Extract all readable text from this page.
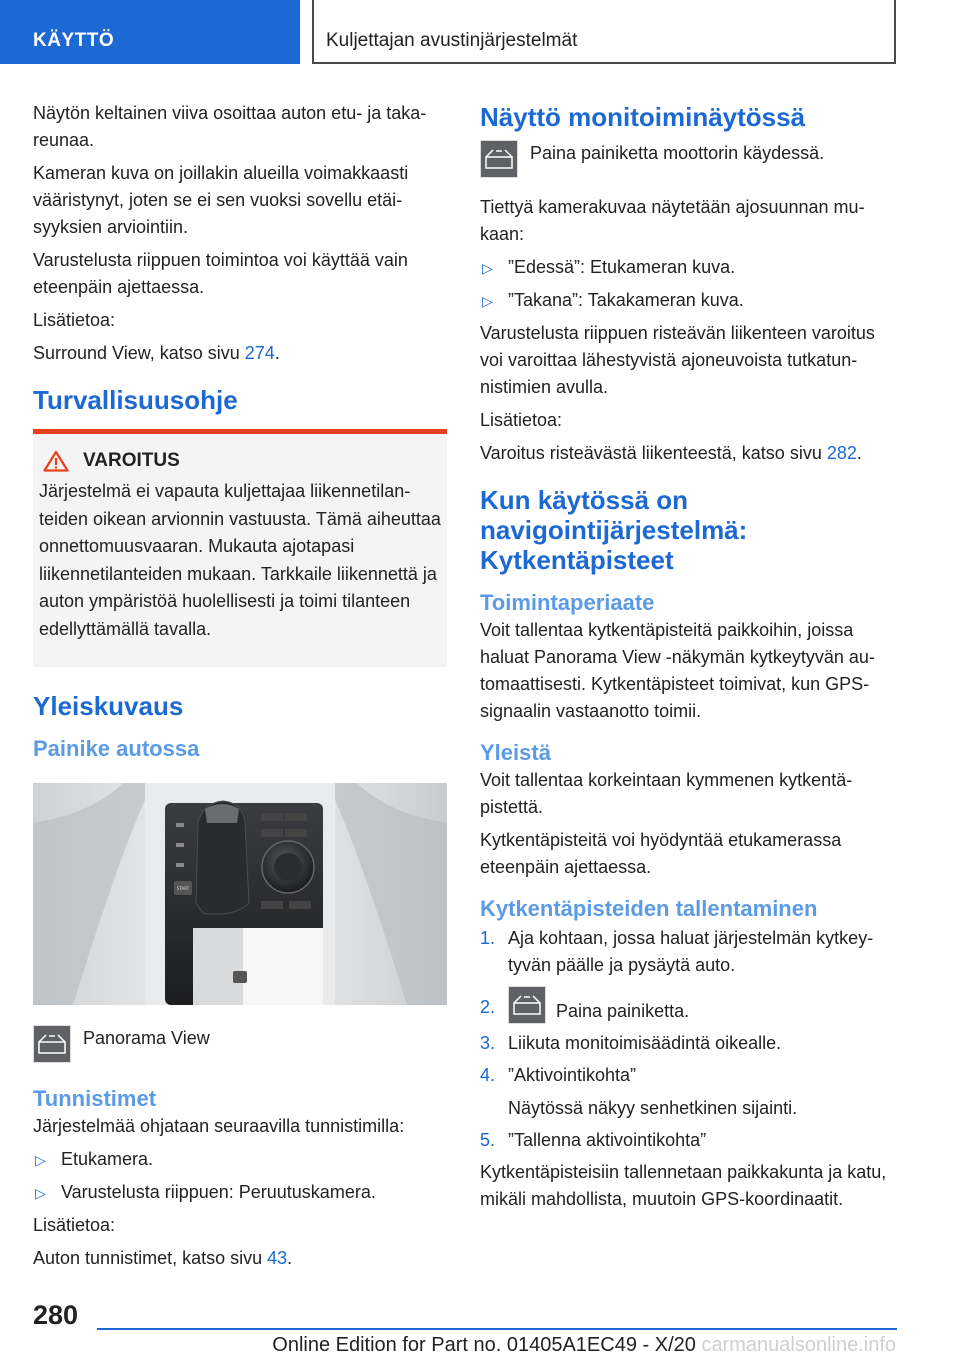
KÄYTTÖ	Kuljettajan avustinjärjestelmät

Näytön keltainen viiva osoittaa auton etu- ja takareunaa.

Kameran kuva on joillakin alueilla voimakkaasti vääristynyt, joten se ei sen vuoksi sovellu etäisyyksien arviointiin.

Varustelusta riippuen toimintoa voi käyttää vain eteenpäin ajettaessa.

Lisätietoa:

Surround View, katso sivu 274.

Turvallisuusohje
VAROITUS

Järjestelmä ei vapauta kuljettajaa liikennetilanteiden oikean arvionnin vastuusta. Tämä aiheuttaa onnettomuusvaaran. Mukauta ajotapasi liikennetilanteiden mukaan. Tarkkaile liikennettä ja auton ympäristöä huolellisesti ja toimi tilanteen edellyttämällä tavalla.

Yleiskuvaus
Painike autossa
START

Panorama View

Tunnistimet

Järjestelmää ohjataan seuraavilla tunnistimilla:

▷ Etukamera.
▷ Varustelusta riippuen: Peruutuskamera.

Lisätietoa:

Auton tunnistimet, katso sivu 43.

Näyttö monitoiminäytössä

Paina painiketta moottorin käydessä.

Tiettyä kamerakuvaa näytetään ajosuunnan mukaan:

▷ ”Edessä”: Etukameran kuva.
▷ ”Takana”: Takakameran kuva.

Varustelusta riippuen risteävän liikenteen varoitus voi varoittaa lähestyvistä ajoneuvoista tutkatunnistimien avulla.

Lisätietoa:

Varoitus risteävästä liikenteestä, katso sivu 282.

Kun käytössä on navigointijärjestelmä: Kytkentäpisteet
Toimintaperiaate

Voit tallentaa kytkentäpisteitä paikkoihin, joissa haluat Panorama View -näkymän kytkeytyvän automaattisesti. Kytkentäpisteet toimivat, kun GPS-signaalin vastaanotto toimii.

Yleistä

Voit tallentaa korkeintaan kymmenen kytkentäpistettä.

Kytkentäpisteitä voi hyödyntää etukamerassa eteenpäin ajettaessa.

Kytkentäpisteiden tallentaminen
1. Aja kohtaan, jossa haluat järjestelmän kytkeytyvän päälle ja pysäytä auto.
2.	Paina painiketta.
3. Liikuta monitoimisäädintä oikealle.
4. ”Aktivointikohta”
Näytössä näkyy senhetkinen sijainti.
5. ”Tallenna aktivointikohta”

Kytkentäpisteisiin tallennetaan paikkakunta ja katu, mikäli mahdollista, muutoin GPS-koordinaatit.

280
Online Edition for Part no. 01405A1EC49 - X/20 carmanualsonline.info
